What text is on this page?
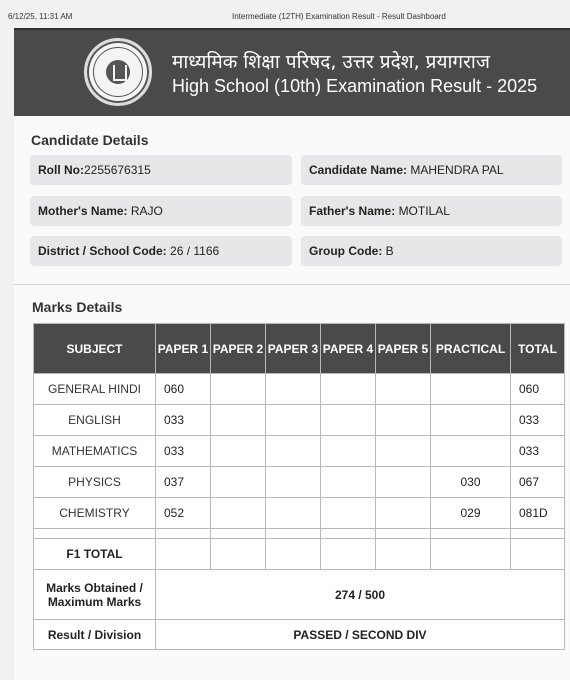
6/12/25, 11:31 AM	Intermediate (12TH) Examination Result - Result Dashboard
माध्यमिक शिक्षा परिषद, उत्तर प्रदेश, प्रयागराज
High School (10th) Examination Result - 2025
Candidate Details
Roll No:2255676315	Candidate Name: MAHENDRA PAL
Mother's Name: RAJO	Father's Name: MOTILAL
District / School Code: 26 / 1166	Group Code: B
Marks Details
SUBJECT	PAPER 1	PAPER 2	PAPER 3	PAPER 4	PAPER 5	PRACTICAL	TOTAL
GENERAL HINDI	060						060
ENGLISH	033						033
MATHEMATICS	033						033
PHYSICS	037					030	067
CHEMISTRY	052					029	081D

F1 TOTAL							
Marks Obtained / Maximum Marks	274 / 500						
Result / Division	PASSED / SECOND DIV						
